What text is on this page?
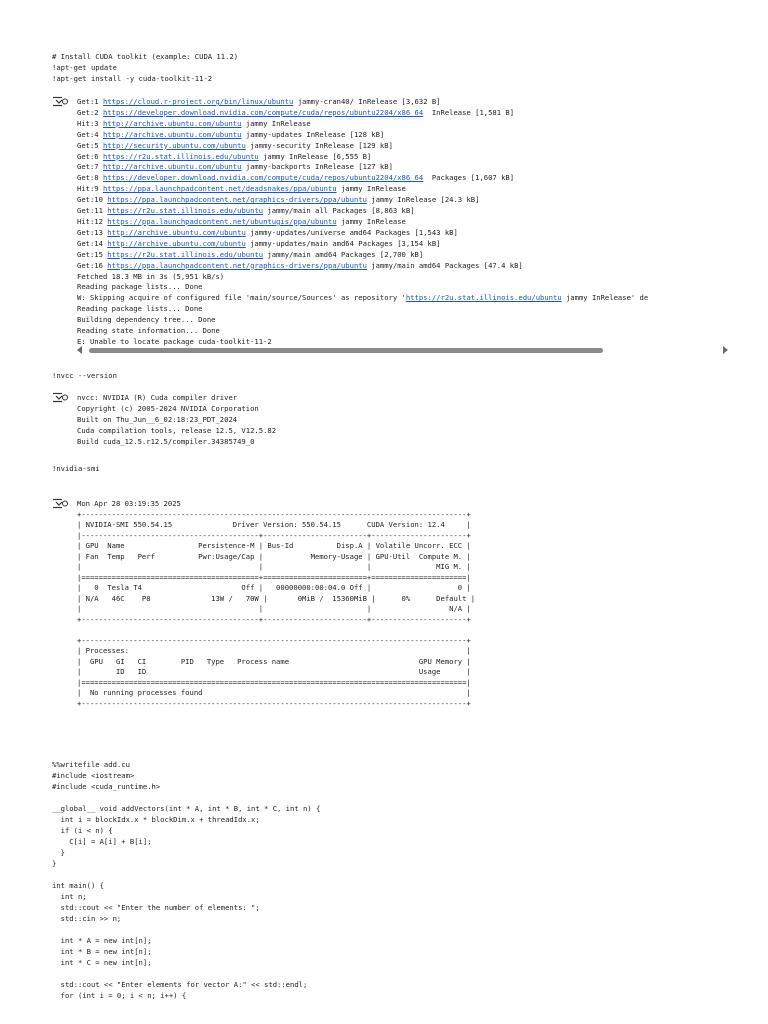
# Install CUDA toolkit (example: CUDA 11.2)
!apt-get update
!apt-get install -y cuda-toolkit-11-2
Get:1 https://cloud.r-project.org/bin/linux/ubuntu jammy-cran40/ InRelease [3,632 B]
Get:2 https://developer.download.nvidia.com/compute/cuda/repos/ubuntu2204/x86_64  InRelease [1,581 B]
Hit:3 http://archive.ubuntu.com/ubuntu jammy InRelease
Get:4 http://archive.ubuntu.com/ubuntu jammy-updates InRelease [128 kB]
Get:5 http://security.ubuntu.com/ubuntu jammy-security InRelease [129 kB]
Get:6 https://r2u.stat.illinois.edu/ubuntu jammy InRelease [6,555 B]
Get:7 http://archive.ubuntu.com/ubuntu jammy-backports InRelease [127 kB]
Get:8 https://developer.download.nvidia.com/compute/cuda/repos/ubuntu2204/x86_64  Packages [1,607 kB]
Hit:9 https://ppa.launchpadcontent.net/deadsnakes/ppa/ubuntu jammy InRelease
Get:10 https://ppa.launchpadcontent.net/graphics-drivers/ppa/ubuntu jammy InRelease [24.3 kB]
Get:11 https://r2u.stat.illinois.edu/ubuntu jammy/main all Packages [8,863 kB]
Hit:12 https://ppa.launchpadcontent.net/ubuntugis/ppa/ubuntu jammy InRelease
Get:13 http://archive.ubuntu.com/ubuntu jammy-updates/universe amd64 Packages [1,543 kB]
Get:14 http://archive.ubuntu.com/ubuntu jammy-updates/main amd64 Packages [3,154 kB]
Get:15 https://r2u.stat.illinois.edu/ubuntu jammy/main amd64 Packages [2,700 kB]
Get:16 https://ppa.launchpadcontent.net/graphics-drivers/ppa/ubuntu jammy/main amd64 Packages [47.4 kB]
Fetched 18.3 MB in 3s (5,951 kB/s)
Reading package lists... Done
W: Skipping acquire of configured file 'main/source/Sources' as repository 'https://r2u.stat.illinois.edu/ubuntu jammy InRelease' de
Reading package lists... Done
Building dependency tree... Done
Reading state information... Done
E: Unable to locate package cuda-toolkit-11-2
!nvcc --version
nvcc: NVIDIA (R) Cuda compiler driver
Copyright (c) 2005-2024 NVIDIA Corporation
Built on Thu_Jun__6_02:18:23_PDT_2024
Cuda compilation tools, release 12.5, V12.5.82
Build cuda_12.5.r12.5/compiler.34385749_0
!nvidia-smi
Mon Apr 28 03:19:35 2025
+-----------------------------------------------------------------------------------------+
| NVIDIA-SMI 550.54.15              Driver Version: 550.54.15      CUDA Version: 12.4     |
|-----------------------------------------+------------------------+----------------------+
| GPU  Name                 Persistence-M | Bus-Id          Disp.A | Volatile Uncorr. ECC |
| Fan  Temp   Perf          Pwr:Usage/Cap |           Memory-Usage | GPU-Util  Compute M. |
|                                         |                        |               MIG M. |
|=========================================+========================+======================|
|   0  Tesla T4                       Off |   00000000:00:04.0 Off |                    0 |
| N/A   46C    P8              13W /   70W |       0MiB /  15360MiB |      0%      Default |
|                                         |                        |                  N/A |
+-----------------------------------------+------------------------+----------------------+

+-----------------------------------------------------------------------------------------+
| Processes:                                                                              |
|  GPU   GI   CI        PID   Type   Process name                              GPU Memory |
|        ID   ID                                                               Usage      |
|=========================================================================================|
|  No running processes found                                                             |
+-----------------------------------------------------------------------------------------+
%%writefile add.cu
#include <iostream>
#include <cuda_runtime.h>

__global__ void addVectors(int * A, int * B, int * C, int n) {
int i = blockIdx.x * blockDim.x + threadIdx.x;
if (i < n) {
C[i] = A[i] + B[i];
}
}

int main() {
int n;
std::cout << "Enter the number of elements: ";
std::cin >> n;

int * A = new int[n];
int * B = new int[n];
int * C = new int[n];

std::cout << "Enter elements for vector A:" << std::endl;
for (int i = 0; i < n; i++) {
